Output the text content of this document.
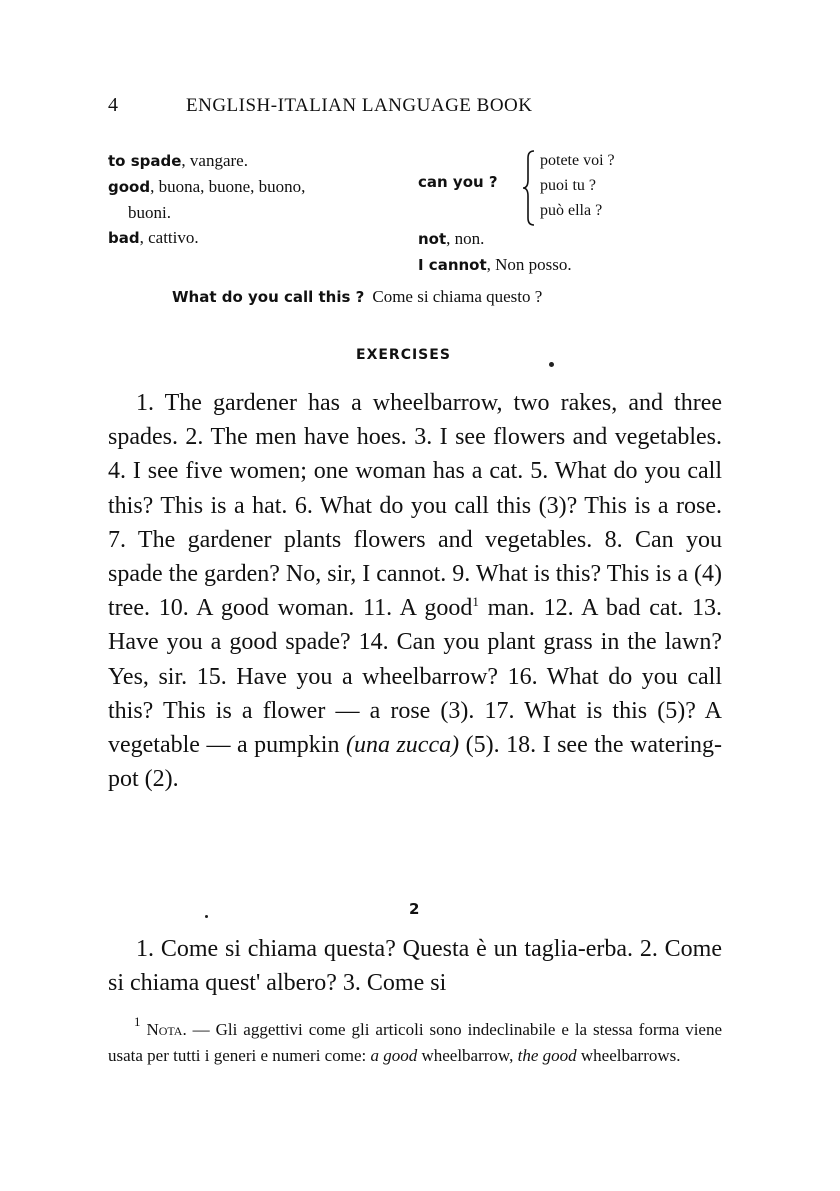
4	ENGLISH-ITALIAN LANGUAGE BOOK
to spade, vangare.
good, buona, buone, buono,
buoni.
bad, cattivo.
can you ?
potete voi ?
puoi tu ?
può ella ?
not, non.
I cannot, Non posso.
What do you call this ? Come si chiama questo ?
EXERCISES

1. The gardener has a wheelbarrow, two rakes, and three spades. 2. The men have hoes. 3. I see flowers and vegetables. 4. I see five women; one woman has a cat. 5. What do you call this? This is a hat. 6. What do you call this (3)? This is a rose. 7. The gardener plants flowers and vegetables. 8. Can you spade the garden? No, sir, I cannot. 9. What is this? This is a (4) tree. 10. A good woman. 11. A good$^1$ man. 12. A bad cat. 13. Have you a good spade? 14. Can you plant grass in the lawn? Yes, sir. 15. Have you a wheelbarrow? 16. What do you call this? This is a flower — a rose (3). 17. What is this (5)? A vegetable — a pumpkin (una zucca) (5). 18. I see the watering-pot (2).

2

1. Come si chiama questa? Questa è un taglia-erba. 2. Come si chiama quest' albero? 3. Come si

$^1$ Nota. — Gli aggettivi come gli articoli sono indeclinabile e la stessa forma viene usata per tutti i generi e numeri come: a good wheelbarrow, the good wheelbarrows.
